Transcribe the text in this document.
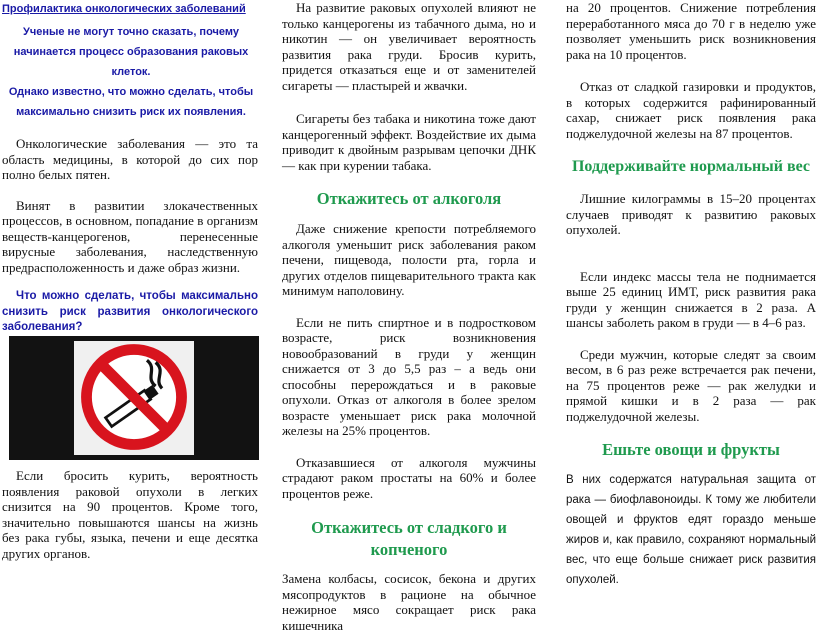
Профилактика онкологических заболеваний
Ученые не могут точно сказать, почему
начинается процесс образования раковых клеток.
Однако известно, что можно сделать, чтобы
максимально снизить риск их появления.

Онкологические заболевания — это та область медицины, в которой до сих пор полно белых пятен.

Винят в развитии злокачественных процессов, в основном, попадание в организм веществ-канцерогенов, перенесенные вирусные заболевания, наследственную предрасположенность и даже образ жизни.

Что можно сделать, чтобы максимально снизить риск развития онкологического заболевания?

Если бросить курить, вероятность появления раковой опухоли в легких снизится на 90 процентов. Кроме того, значительно повышаются шансы на жизнь без рака губы, языка, печени и еще десятка других органов.

На развитие раковых опухолей влияют не только канцерогены из табачного дыма, но и никотин — он увеличивает вероятность развития рака груди. Бросив курить, придется отказаться еще и от заменителей сигареты — пластырей и жвачки.

Сигареты без табака и никотина тоже дают канцерогенный эффект. Воздействие их дыма приводит к двойным разрывам цепочки ДНК — как при курении табака.

Откажитесь от алкоголя

Даже снижение крепости потребляемого алкоголя уменьшит риск заболевания раком печени, пищевода, полости рта, горла и других отделов пищеварительного тракта как минимум наполовину.

Если не пить спиртное и в подростковом возрасте, риск возникновения новообразований в груди у женщин снижается от 3 до 5,5 раз – а ведь они способны перерождаться и в раковые опухоли. Отказ от алкоголя в более зрелом возрасте уменьшает риск рака молочной железы на 25% процентов.

Отказавшиеся от алкоголя мужчины страдают раком простаты на 60% и более процентов реже.

Откажитесь от сладкого и копченого

Замена колбасы, сосисок, бекона и других мясопродуктов в рационе на обычное нежирное мясо сокращает риск рака кишечника

на 20 процентов. Снижение потребления переработанного мяса до 70 г в неделю уже позволяет уменьшить риск возникновения рака на 10 процентов.

Отказ от сладкой газировки и продуктов, в которых содержится рафинированный сахар, снижает риск появления рака поджелудочной железы на 87 процентов.

Поддерживайте нормальный вес

Лишние килограммы в 15–20 процентах случаев приводят к развитию раковых опухолей.

Если индекс массы тела не поднимается выше 25 единиц ИМТ, риск развития рака груди у женщин снижается в 2 раза. А шансы заболеть раком в груди — в 4–6 раз.

Среди мужчин, которые следят за своим весом, в 6 раз реже встречается рак печени, на 75 процентов реже — рак желудки и прямой кишки и в 2 раза — рак поджелудочной железы.

Ешьте овощи и фрукты

В них содержатся натуральная защита от рака — биофлавоноиды. К тому же любители овощей и фруктов едят гораздо меньше жиров и, как правило, сохраняют нормальный вес, что еще больше снижает риск развития опухолей.
